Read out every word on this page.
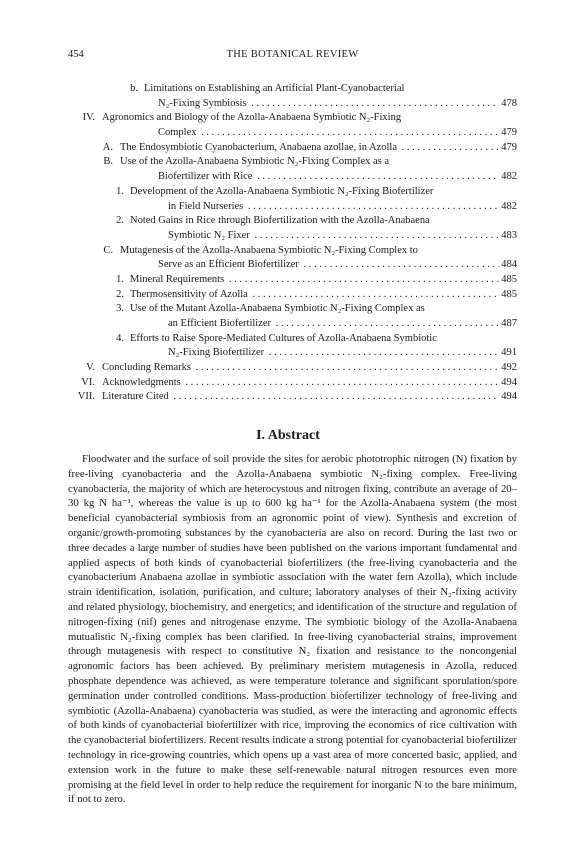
454	THE BOTANICAL REVIEW
b. Limitations on Establishing an Artificial Plant-Cyanobacterial
N₂-Fixing Symbiosis . . .	478
IV. Agronomics and Biology of the Azolla-Anabaena Symbiotic N₂-Fixing
Complex . . .	479
A. The Endosymbiotic Cyanobacterium, Anabaena azollae, in Azolla . . .	479
B. Use of the Azolla-Anabaena Symbiotic N₂-Fixing Complex as a
Biofertilizer with Rice . . .	482
1. Development of the Azolla-Anabaena Symbiotic N₂-Fixing Biofertilizer
in Field Nurseries . . .	482
2. Noted Gains in Rice through Biofertilization with the Azolla-Anabaena
Symbiotic N₂ Fixer . . .	483
C. Mutagenesis of the Azolla-Anabaena Symbiotic N₂-Fixing Complex to
Serve as an Efficient Biofertilizer . . .	484
1. Mineral Requirements . . .	485
2. Thermosensitivity of Azolla . . .	485
3. Use of the Mutant Azolla-Anabaena Symbiotic N₂-Fixing Complex as
an Efficient Biofertilizer . . .	487
4. Efforts to Raise Spore-Mediated Cultures of Azolla-Anabaena Symbiotic
N₂-Fixing Biofertilizer . . .	491
V. Concluding Remarks . . .	492
VI. Acknowledgments . . .	494
VII. Literature Cited . . .	494
I. Abstract

Floodwater and the surface of soil provide the sites for aerobic phototrophic nitrogen (N) fixation by free-living cyanobacteria and the Azolla-Anabaena symbiotic N₂-fixing complex. Free-living cyanobacteria, the majority of which are heterocystous and nitrogen fixing, contribute an average of 20–30 kg N ha⁻¹, whereas the value is up to 600 kg ha⁻¹ for the Azolla-Anabaena system (the most beneficial cyanobacterial symbiosis from an agronomic point of view). Synthesis and excretion of organic/growth-promoting substances by the cyanobacteria are also on record. During the last two or three decades a large number of studies have been published on the various important fundamental and applied aspects of both kinds of cyanobacterial biofertilizers (the free-living cyanobacteria and the cyanobacterium Anabaena azollae in symbiotic association with the water fern Azolla), which include strain identification, isolation, purification, and culture; laboratory analyses of their N₂-fixing activity and related physiology, biochemistry, and energetics; and identification of the structure and regulation of nitrogen-fixing (nif) genes and nitrogenase enzyme. The symbiotic biology of the Azolla-Anabaena mutualistic N₂-fixing complex has been clarified. In free-living cyanobacterial strains, improvement through mutagenesis with respect to constitutive N₂ fixation and resistance to the noncongenial agronomic factors has been achieved. By preliminary meristem mutagenesis in Azolla, reduced phosphate dependence was achieved, as were temperature tolerance and significant sporulation/spore germination under controlled conditions. Mass-production biofertilizer technology of free-living and symbiotic (Azolla-Anabaena) cyanobacteria was studied, as were the interacting and agronomic effects of both kinds of cyanobacterial biofertilizer with rice, improving the economics of rice cultivation with the cyanobacterial biofertilizers. Recent results indicate a strong potential for cyanobacterial biofertilizer technology in rice-growing countries, which opens up a vast area of more concerted basic, applied, and extension work in the future to make these self-renewable natural nitrogen resources even more promising at the field level in order to help reduce the requirement for inorganic N to the bare minimum, if not to zero.
